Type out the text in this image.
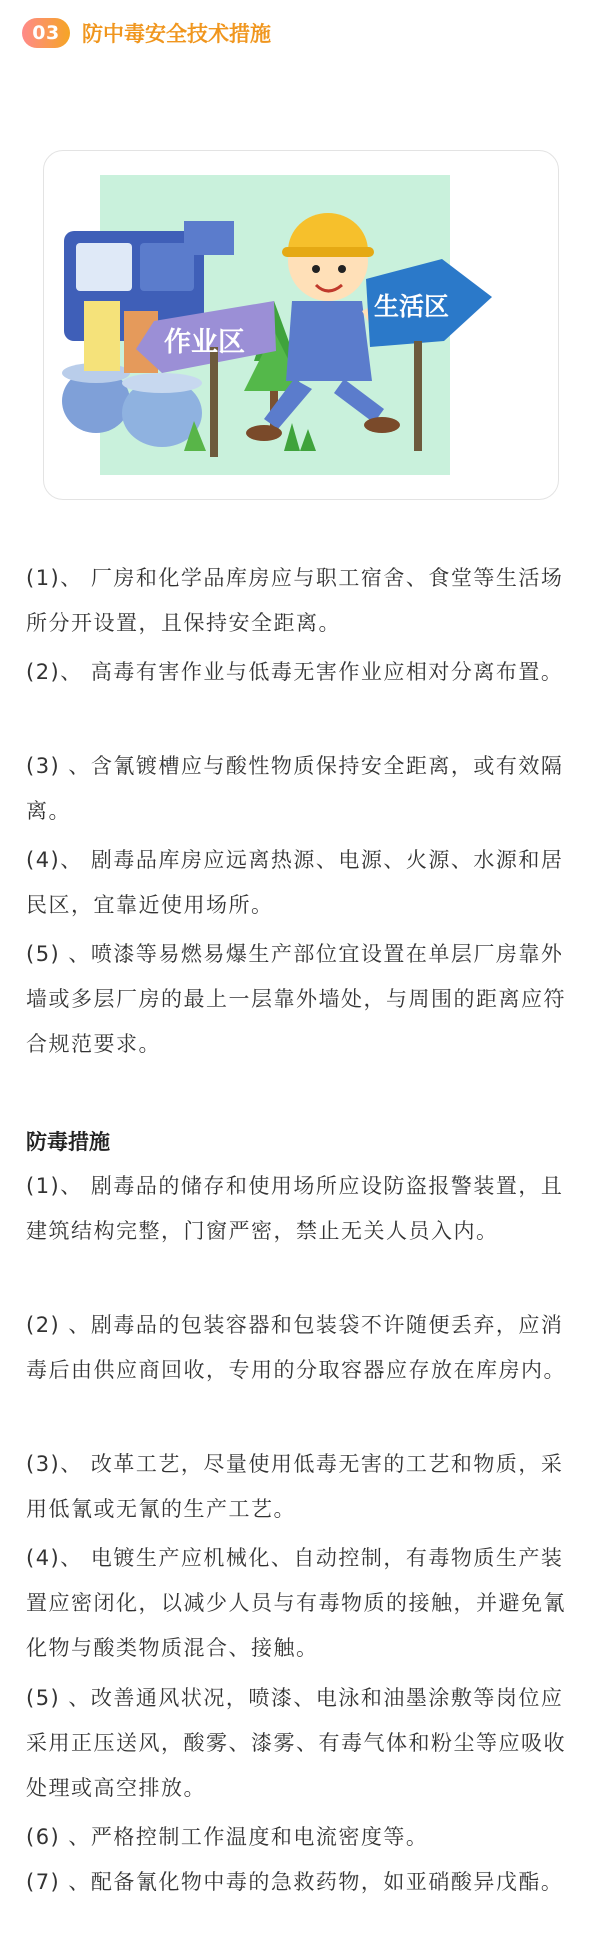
03	防中毒安全技术措施
作业区
生活区

(1)、 厂房和化学品库房应与职工宿舍、食堂等生活场所分开设置，且保持安全距离。

(2)、 高毒有害作业与低毒无害作业应相对分离布置。

(3) 、含氰镀槽应与酸性物质保持安全距离，或有效隔离。

(4)、 剧毒品库房应远离热源、电源、火源、水源和居民区，宜靠近使用场所。

(5) 、喷漆等易燃易爆生产部位宜设置在单层厂房靠外墙或多层厂房的最上一层靠外墙处，与周围的距离应符合规范要求。

防毒措施

(1)、 剧毒品的储存和使用场所应设防盗报警装置，且建筑结构完整，门窗严密，禁止无关人员入内。

(2) 、剧毒品的包装容器和包装袋不许随便丢弃，应消毒后由供应商回收，专用的分取容器应存放在库房内。

(3)、 改革工艺，尽量使用低毒无害的工艺和物质，采用低氰或无氰的生产工艺。

(4)、 电镀生产应机械化、自动控制，有毒物质生产装置应密闭化，以减少人员与有毒物质的接触，并避免氰化物与酸类物质混合、接触。

(5) 、改善通风状况，喷漆、电泳和油墨涂敷等岗位应采用正压送风，酸雾、漆雾、有毒气体和粉尘等应吸收处理或高空排放。

(6) 、严格控制工作温度和电流密度等。

(7) 、配备氰化物中毒的急救药物，如亚硝酸异戊酯。
